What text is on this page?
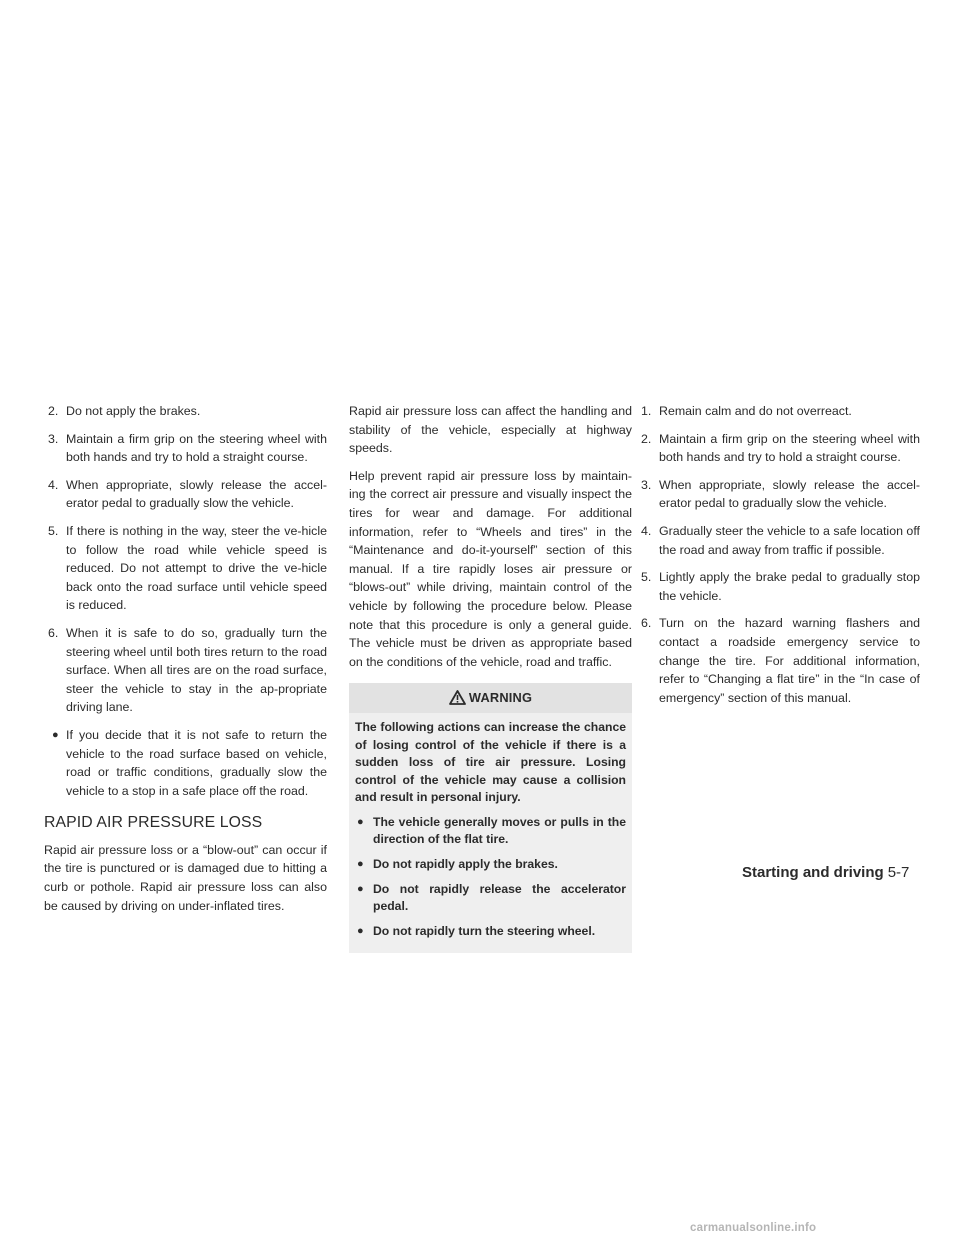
2. Do not apply the brakes.
3. Maintain a firm grip on the steering wheel with both hands and try to hold a straight course.
4. When appropriate, slowly release the accel-erator pedal to gradually slow the vehicle.
5. If there is nothing in the way, steer the ve-hicle to follow the road while vehicle speed is reduced. Do not attempt to drive the ve-hicle back onto the road surface until vehicle speed is reduced.
6. When it is safe to do so, gradually turn the steering wheel until both tires return to the road surface. When all tires are on the road surface, steer the vehicle to stay in the ap-propriate driving lane.
● If you decide that it is not safe to return the vehicle to the road surface based on vehicle, road or traffic conditions, gradually slow the vehicle to a stop in a safe place off the road.
RAPID AIR PRESSURE LOSS

Rapid air pressure loss or a “blow-out” can occur if the tire is punctured or is damaged due to hitting a curb or pothole. Rapid air pressure loss can also be caused by driving on under-inflated tires.

Rapid air pressure loss can affect the handling and stability of the vehicle, especially at highway speeds.

Help prevent rapid air pressure loss by maintain-ing the correct air pressure and visually inspect the tires for wear and damage. For additional information, refer to “Wheels and tires” in the “Maintenance and do-it-yourself” section of this manual. If a tire rapidly loses air pressure or “blows-out” while driving, maintain control of the vehicle by following the procedure below. Please note that this procedure is only a general guide. The vehicle must be driven as appropriate based on the conditions of the vehicle, road and traffic.

WARNING

The following actions can increase the chance of losing control of the vehicle if there is a sudden loss of tire air pressure. Losing control of the vehicle may cause a collision and result in personal injury.

● The vehicle generally moves or pulls in the direction of the flat tire.
● Do not rapidly apply the brakes.
● Do not rapidly release the accelerator pedal.
● Do not rapidly turn the steering wheel.
1. Remain calm and do not overreact.
2. Maintain a firm grip on the steering wheel with both hands and try to hold a straight course.
3. When appropriate, slowly release the accel-erator pedal to gradually slow the vehicle.
4. Gradually steer the vehicle to a safe location off the road and away from traffic if possible.
5. Lightly apply the brake pedal to gradually stop the vehicle.
6. Turn on the hazard warning flashers and contact a roadside emergency service to change the tire. For additional information, refer to “Changing a flat tire” in the “In case of emergency” section of this manual.
Starting and driving 5-7
carmanualsonline.info
